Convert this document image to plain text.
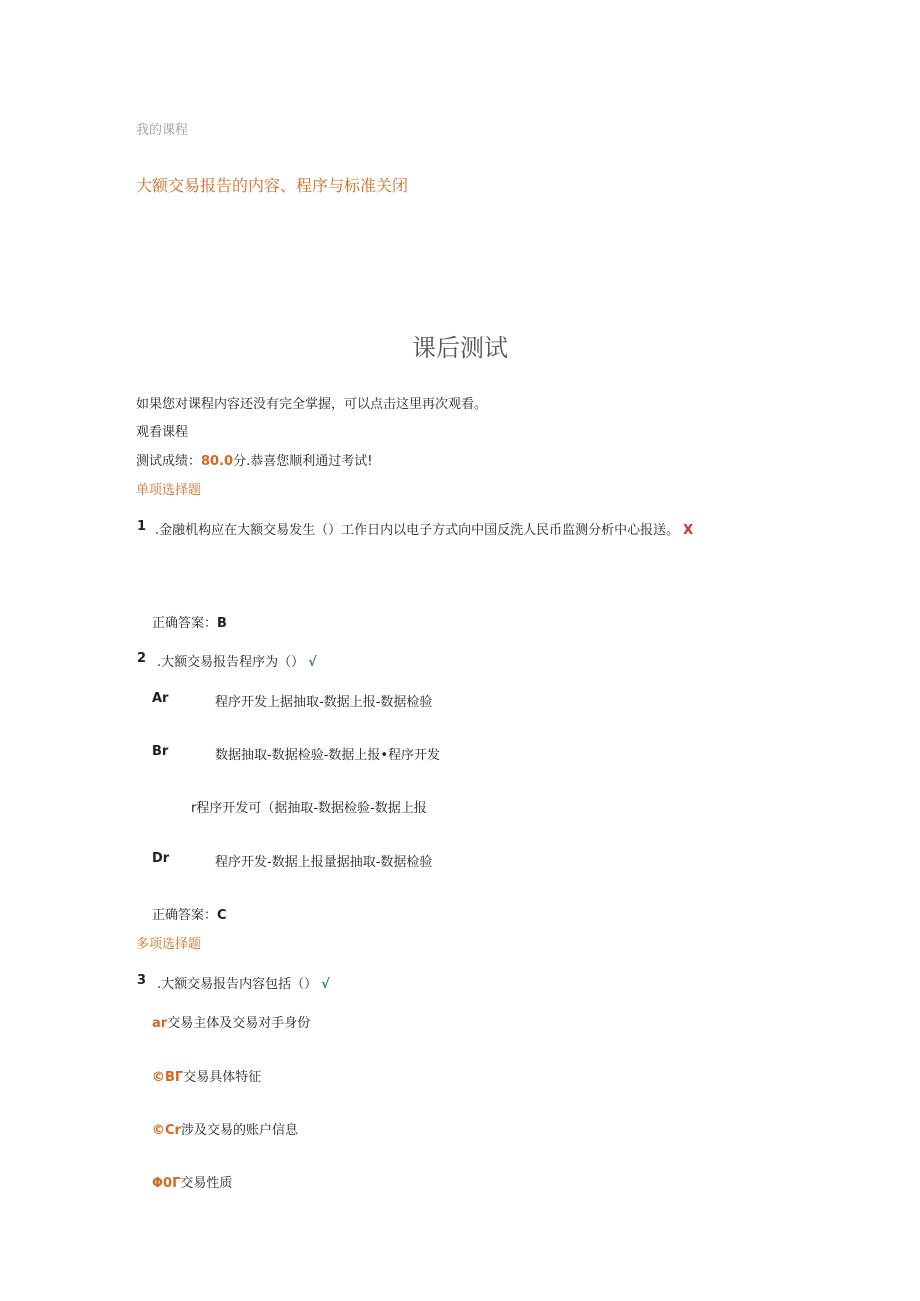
我的课程
大额交易报告的内容、程序与标准关闭
课后测试
如果您对课程内容还没有完全掌握，可以点击这里再次观看。
观看课程
测试成绩：80.0分.恭喜您顺利通过考试!
单项选择题
1 .金融机构应在大额交易发生（）工作日内以电子方式向中国反洗人民币监测分析中心报送。 X
正确答案：B
2 .大额交易报告程序为（） √
Ar	程序开发上据抽取-数据上报-数据检验
Br	数据抽取-数据检验-数据上报•程序开发
r程序开发可（据抽取-数据检验-数据上报
Dr	程序开发-数据上报量据抽取-数据检验
正确答案：C
多项选择题
3 .大额交易报告内容包括（） √
ar交易主体及交易对手身份
©BΓ交易具体特征
©Cr涉及交易的账户信息
Φ0Γ交易性质
